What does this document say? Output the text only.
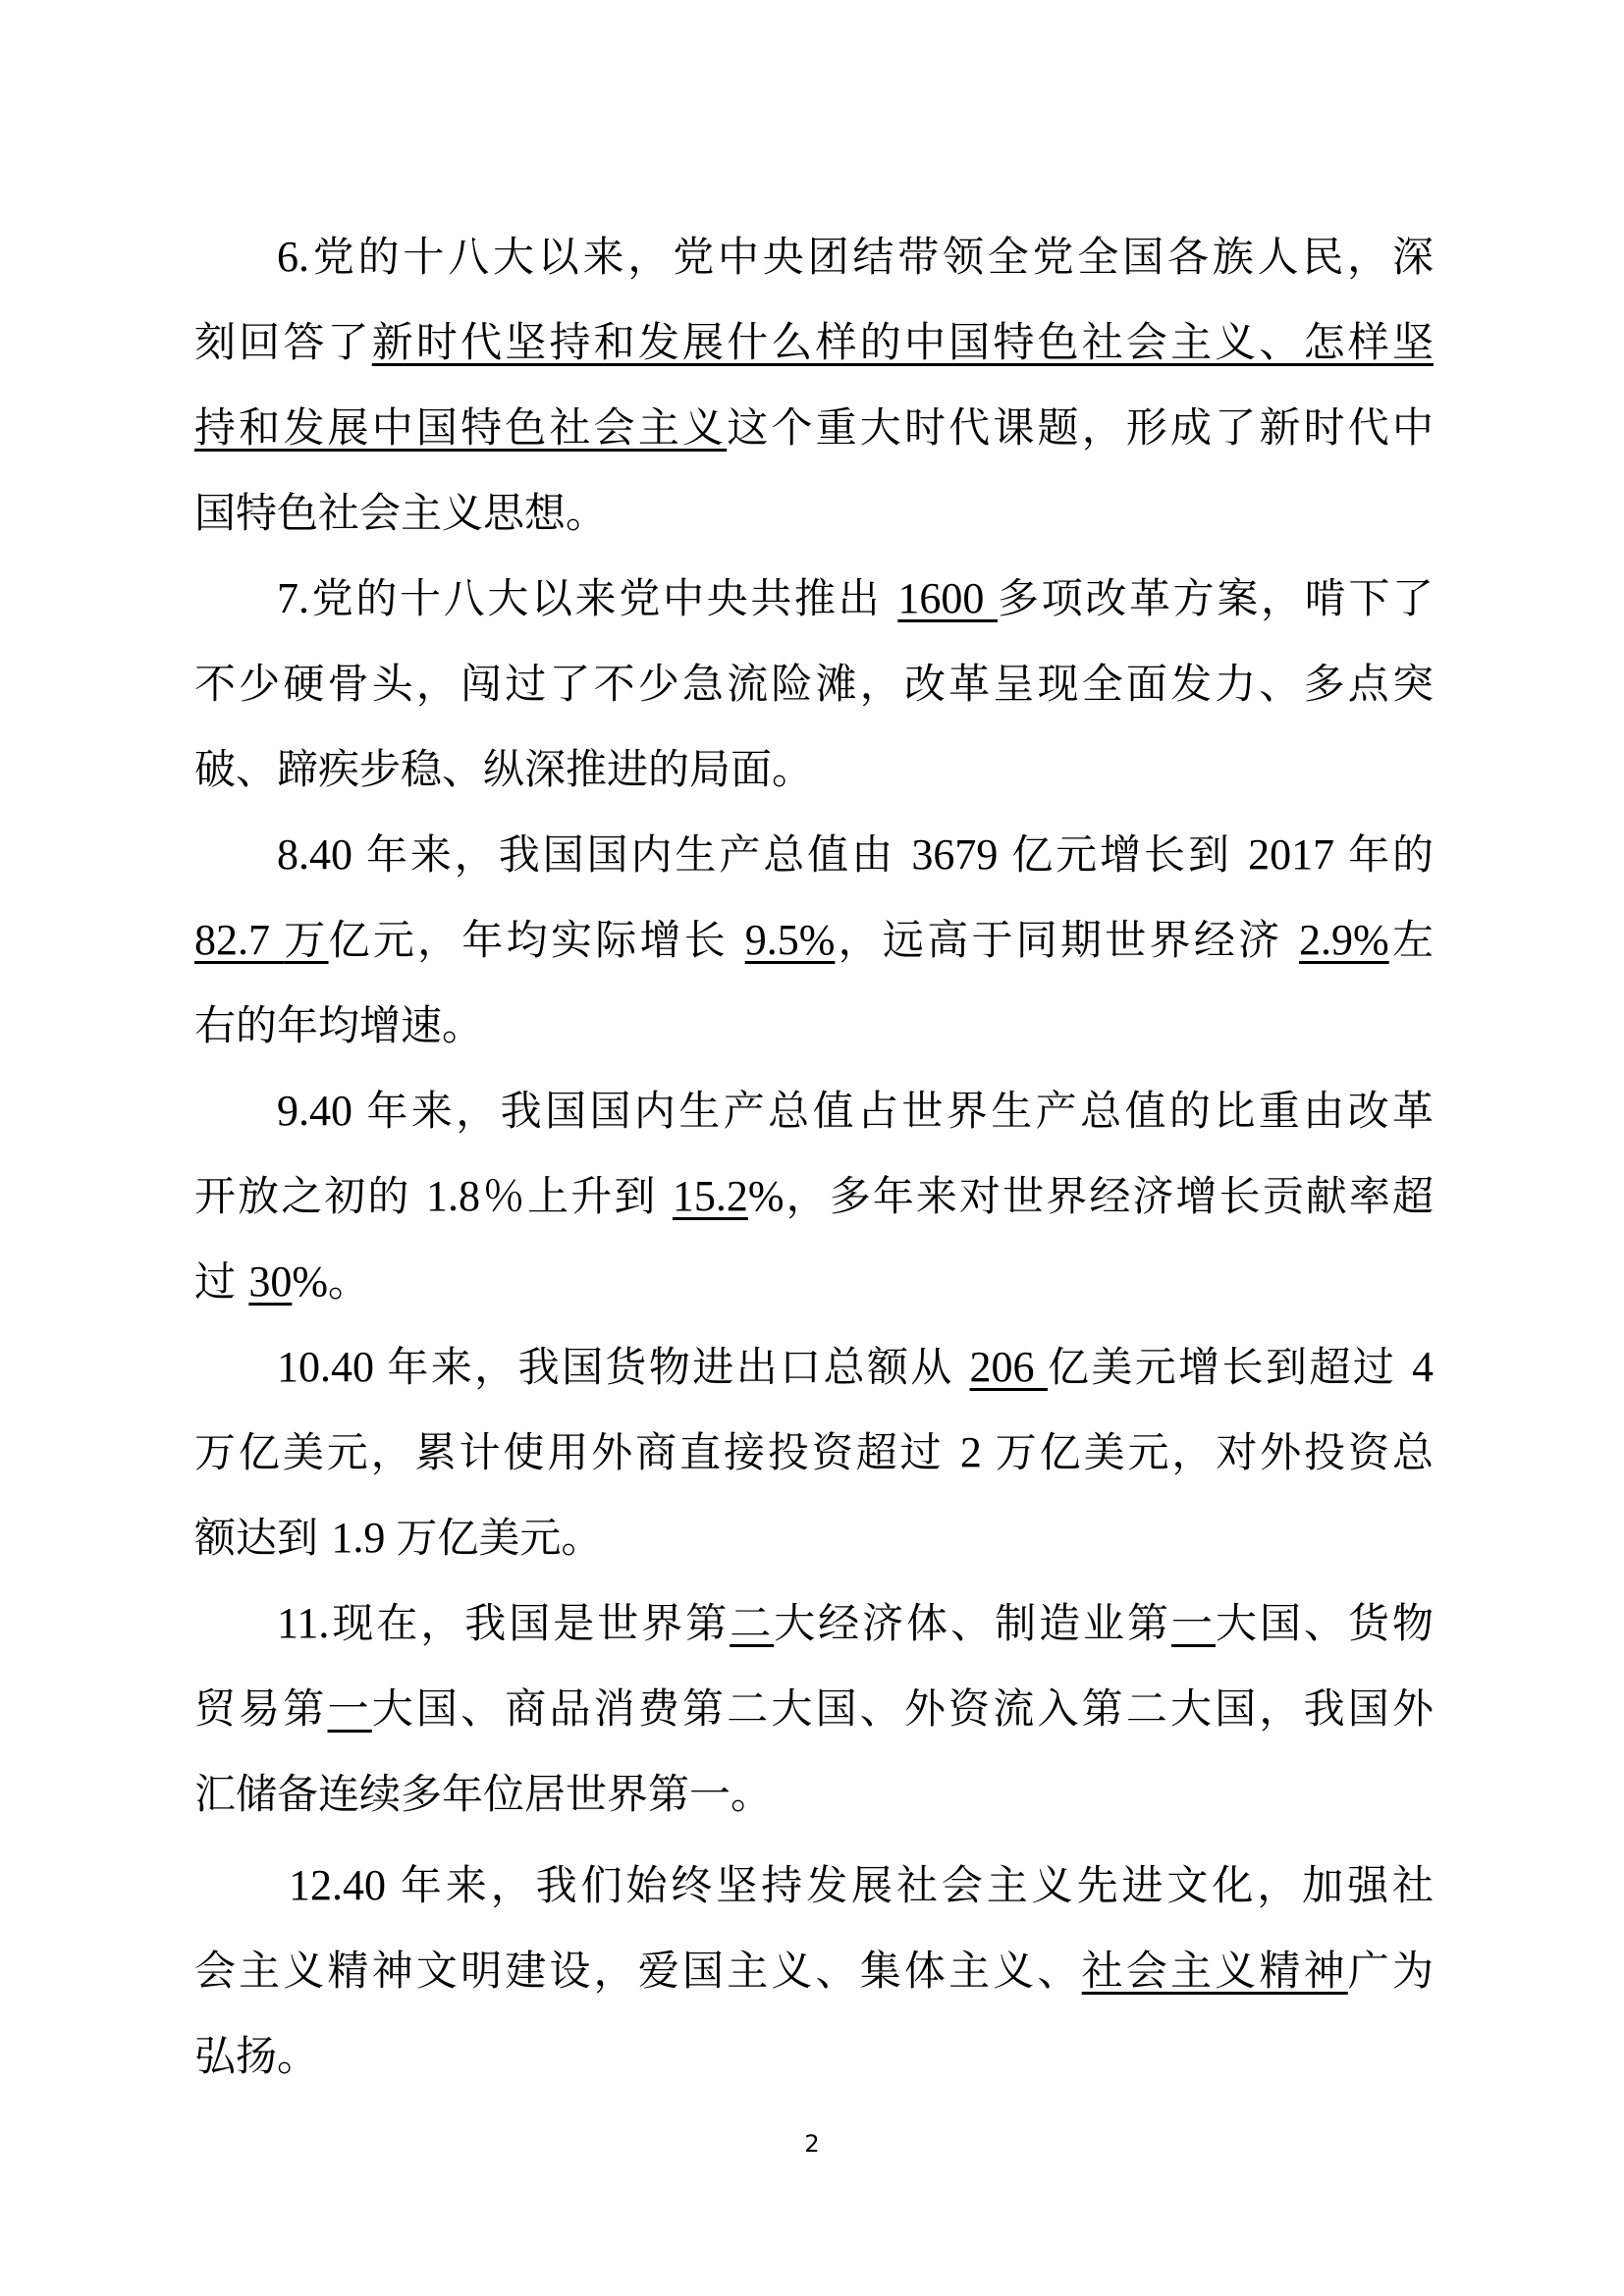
6.党的十八大以来，党中央团结带领全党全国各族人民，深
刻回答了新时代坚持和发展什么样的中国特色社会主义、怎样坚
持和发展中国特色社会主义这个重大时代课题，形成了新时代中
国特色社会主义思想。
7.党的十八大以来党中央共推出 1600 多项改革方案，啃下了
不少硬骨头，闯过了不少急流险滩，改革呈现全面发力、多点突
破、蹄疾步稳、纵深推进的局面。
8.40 年来，我国国内生产总值由 3679 亿元增长到 2017 年的
82.7 万亿元，年均实际增长 9.5%，远高于同期世界经济 2.9%左
右的年均增速。
9.40 年来，我国国内生产总值占世界生产总值的比重由改革
开放之初的 1.8％上升到 15.2%，多年来对世界经济增长贡献率超
过 30%。
10.40 年来，我国货物进出口总额从 206 亿美元增长到超过 4
万亿美元，累计使用外商直接投资超过 2 万亿美元，对外投资总
额达到 1.9 万亿美元。
11.现在，我国是世界第二大经济体、制造业第一大国、货物
贸易第一大国、商品消费第二大国、外资流入第二大国，我国外
汇储备连续多年位居世界第一。
12.40 年来，我们始终坚持发展社会主义先进文化，加强社
会主义精神文明建设，爱国主义、集体主义、社会主义精神广为
弘扬。
2
